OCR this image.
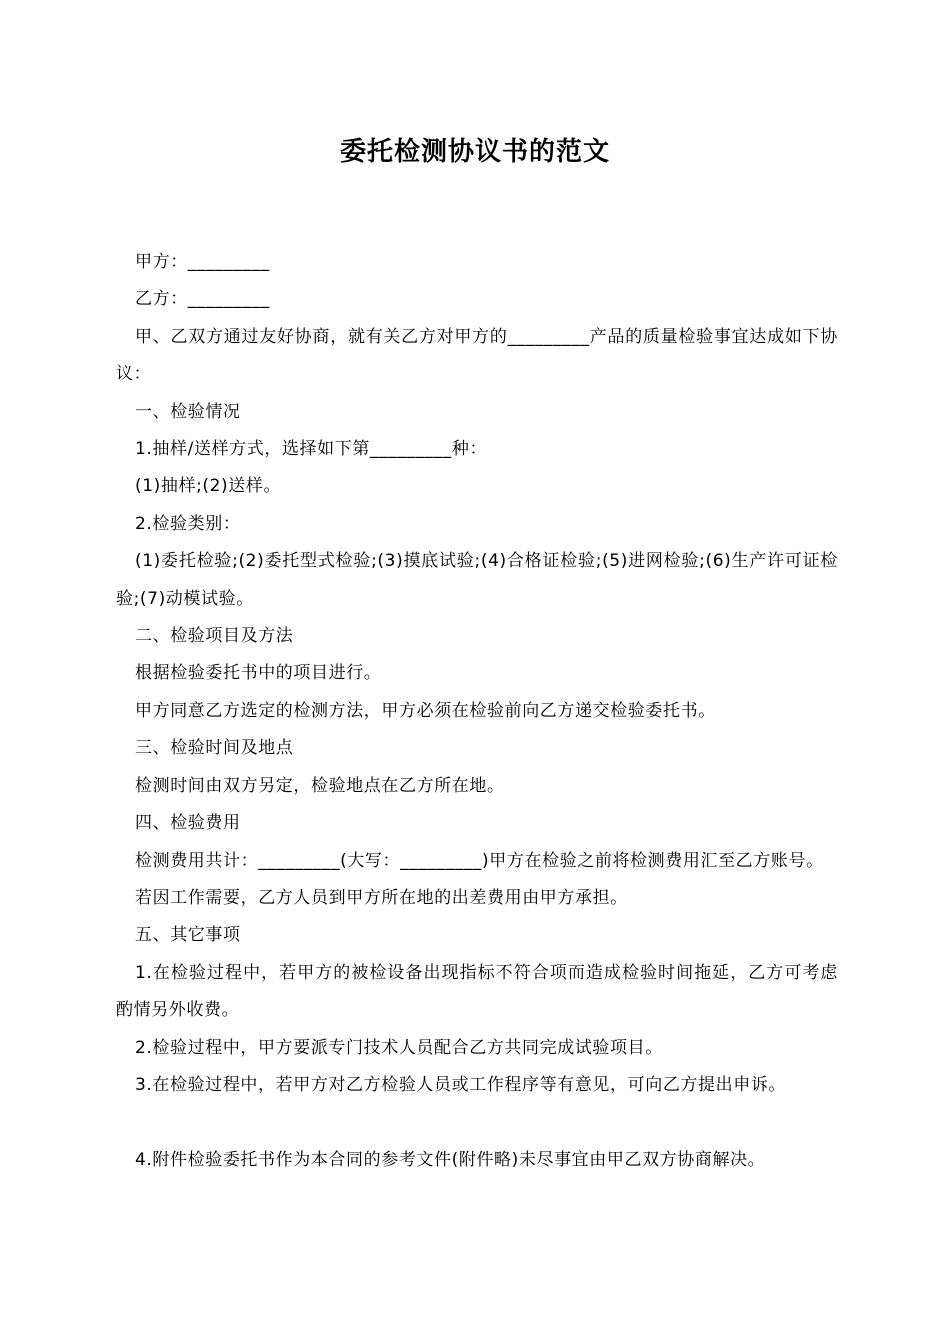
委托检测协议书的范文

甲方：_________

乙方：_________

甲、乙双方通过友好协商，就有关乙方对甲方的_________产品的质量检验事宜达成如下协议：

一、检验情况

1.抽样/送样方式，选择如下第_________种：

(1)抽样;(2)送样。

2.检验类别：

(1)委托检验;(2)委托型式检验;(3)摸底试验;(4)合格证检验;(5)进网检验;(6)生产许可证检验;(7)动模试验。

二、检验项目及方法

根据检验委托书中的项目进行。

甲方同意乙方选定的检测方法，甲方必须在检验前向乙方递交检验委托书。

三、检验时间及地点

检测时间由双方另定，检验地点在乙方所在地。

四、检验费用

检测费用共计：_________(大写：_________)甲方在检验之前将检测费用汇至乙方账号。

若因工作需要，乙方人员到甲方所在地的出差费用由甲方承担。

五、其它事项

1.在检验过程中，若甲方的被检设备出现指标不符合项而造成检验时间拖延，乙方可考虑酌情另外收费。

2.检验过程中，甲方要派专门技术人员配合乙方共同完成试验项目。

3.在检验过程中，若甲方对乙方检验人员或工作程序等有意见，可向乙方提出申诉。

4.附件检验委托书作为本合同的参考文件(附件略)未尽事宜由甲乙双方协商解决。
